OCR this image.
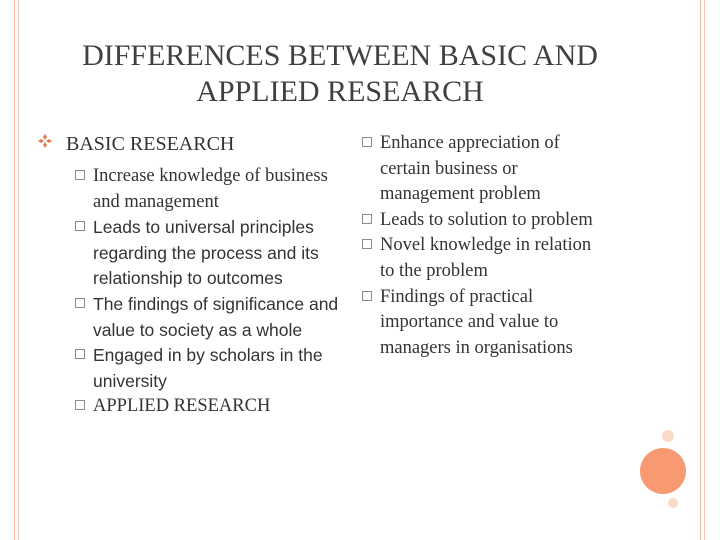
DIFFERENCES BETWEEN BASIC AND APPLIED RESEARCH
BASIC RESEARCH
Increase knowledge of business and management
Leads to universal principles regarding the process and its relationship to outcomes
The findings of significance and value to society as a whole
Engaged in by scholars in the university
APPLIED RESEARCH
Enhance appreciation of certain business or management problem
Leads to solution to problem
Novel knowledge in relation to the problem
Findings of practical importance and value to managers in organisations
